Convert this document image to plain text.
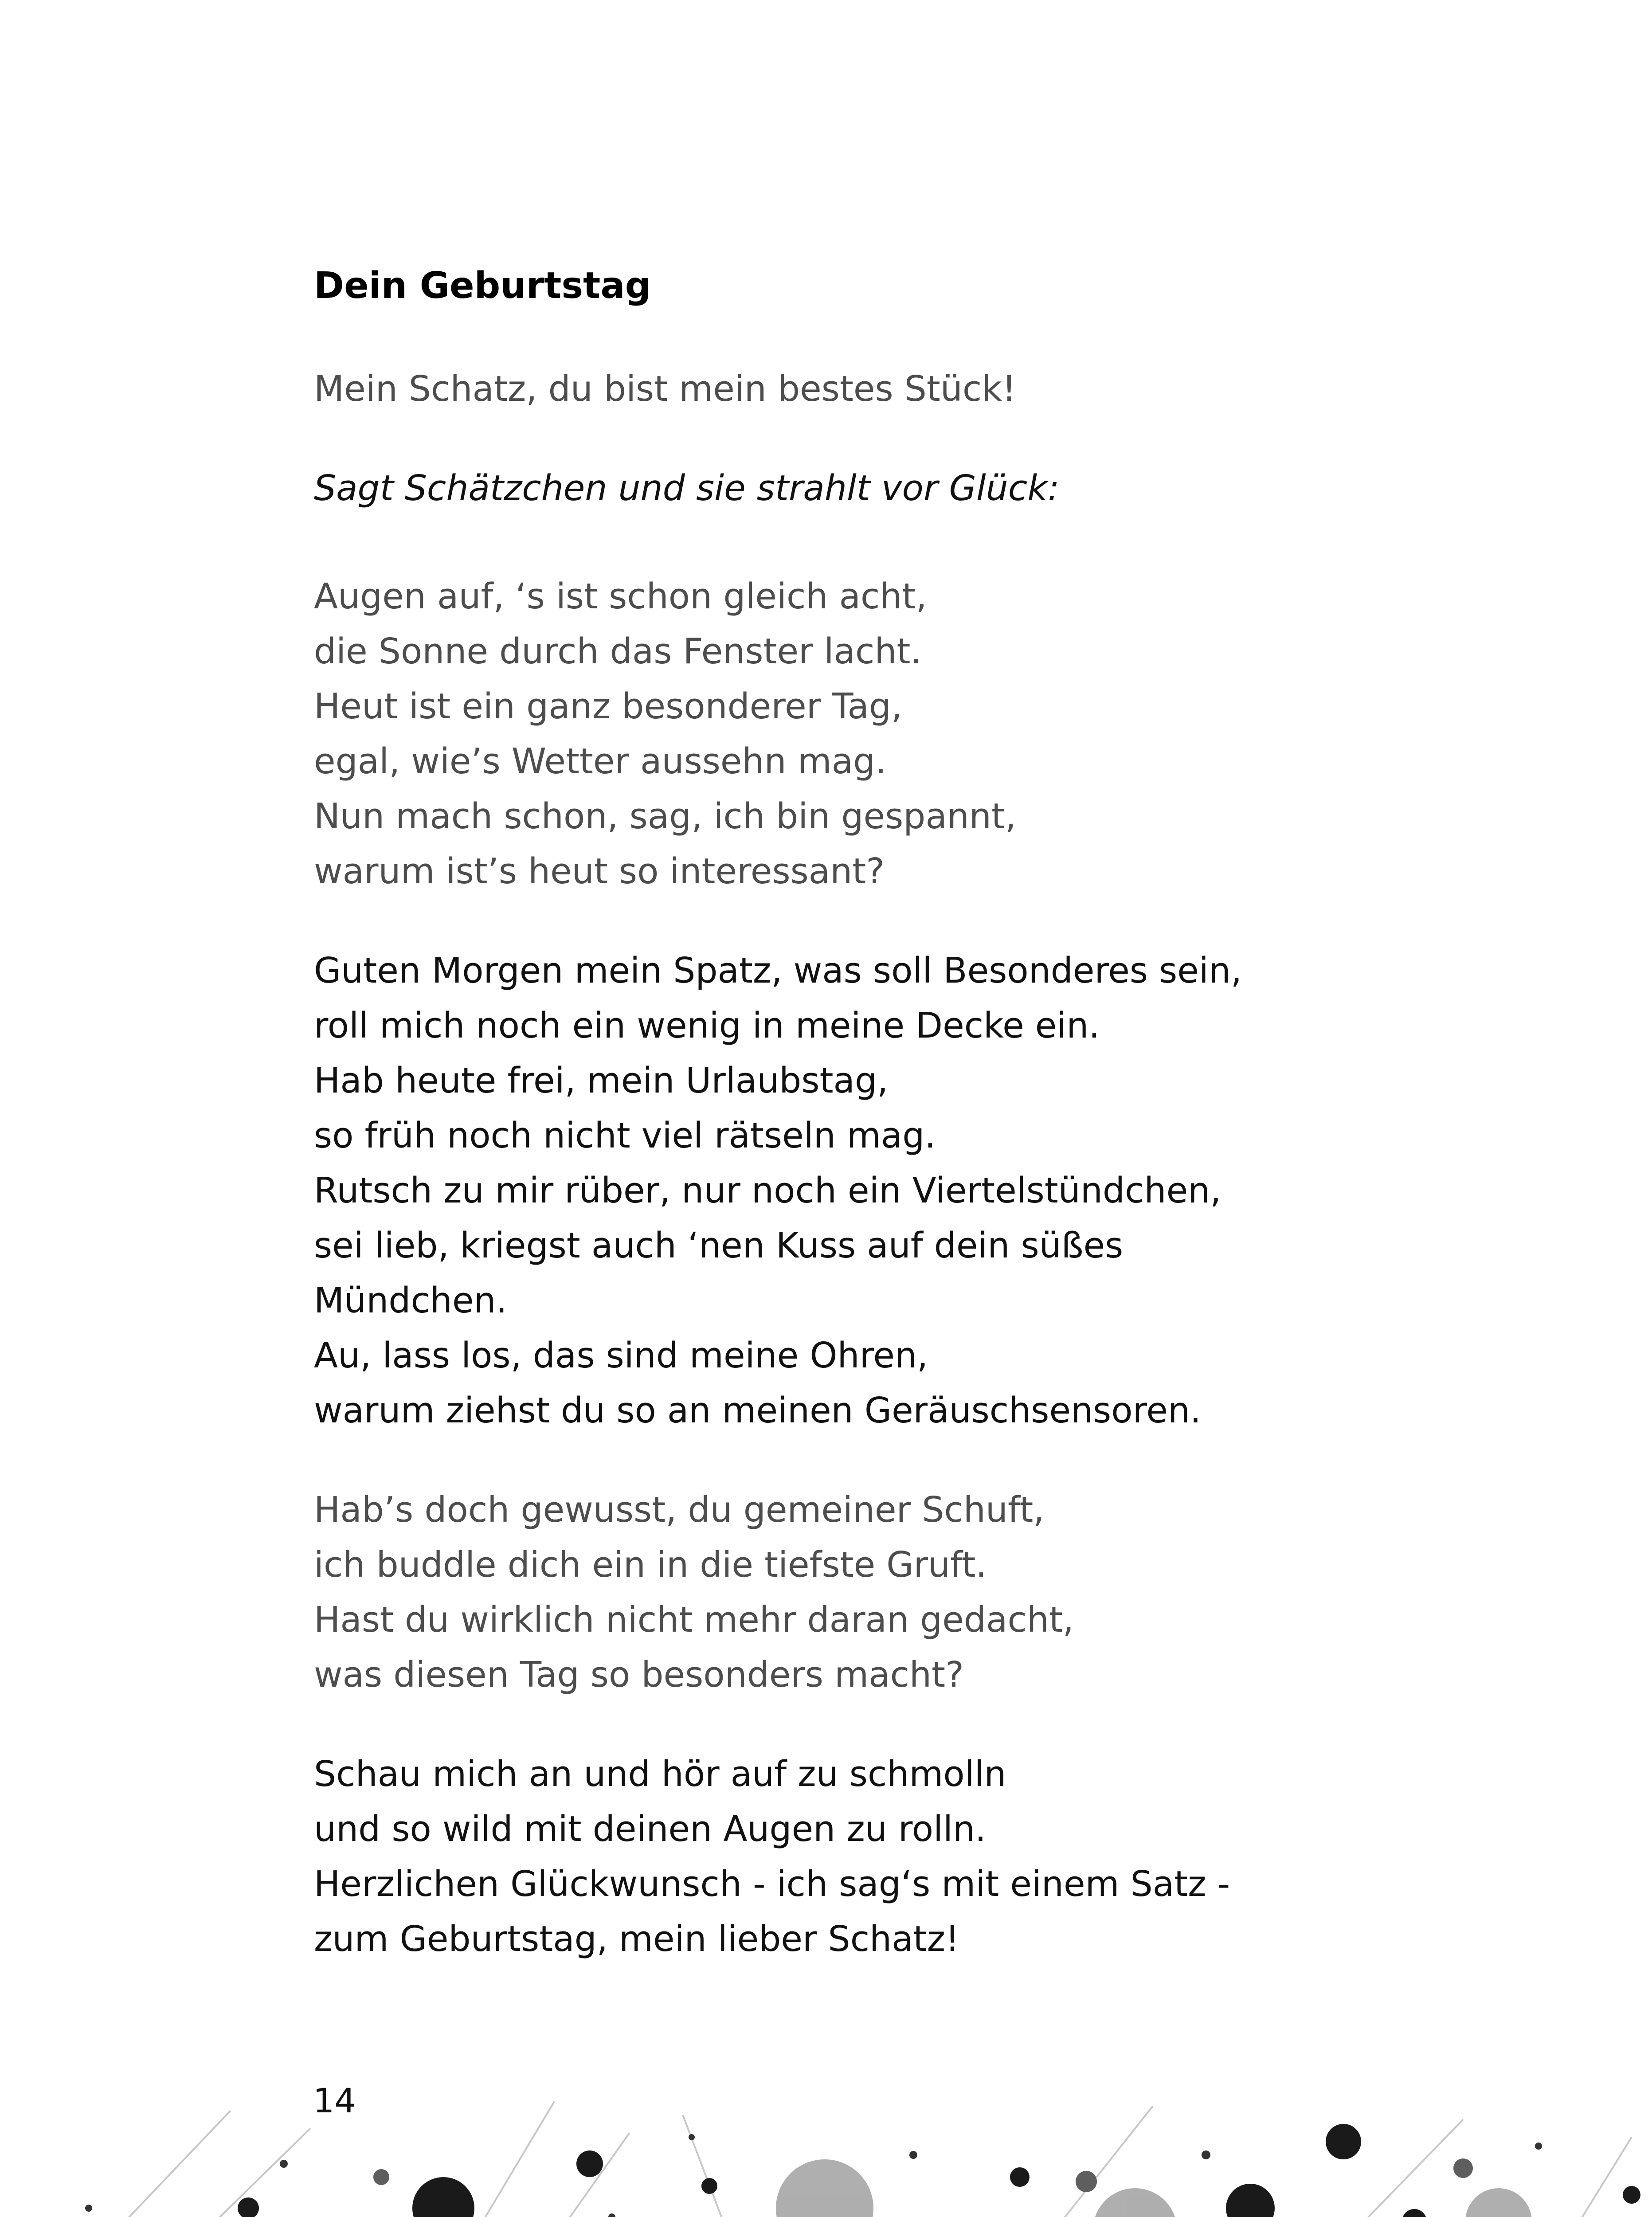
Dein Geburtstag
Mein Schatz, du bist mein bestes Stück!
Sagt Schätzchen und sie strahlt vor Glück:
Augen auf, ‘s ist schon gleich acht,
die Sonne durch das Fenster lacht.
Heut ist ein ganz besonderer Tag,
egal, wie’s Wetter aussehn mag.
Nun mach schon, sag, ich bin gespannt,
warum ist’s heut so interessant?
Guten Morgen mein Spatz, was soll Besonderes sein,
roll mich noch ein wenig in meine Decke ein.
Hab heute frei, mein Urlaubstag,
so früh noch nicht viel rätseln mag.
Rutsch zu mir rüber, nur noch ein Viertelstündchen,
sei lieb, kriegst auch ‘nen Kuss auf dein süßes
Mündchen.
Au, lass los, das sind meine Ohren,
warum ziehst du so an meinen Geräuschsensoren.
Hab’s doch gewusst, du gemeiner Schuft,
ich buddle dich ein in die tiefste Gruft.
Hast du wirklich nicht mehr daran gedacht,
was diesen Tag so besonders macht?
Schau mich an und hör auf zu schmolln
und so wild mit deinen Augen zu rolln.
Herzlichen Glückwunsch - ich sag‘s mit einem Satz -
zum Geburtstag, mein lieber Schatz!
14
